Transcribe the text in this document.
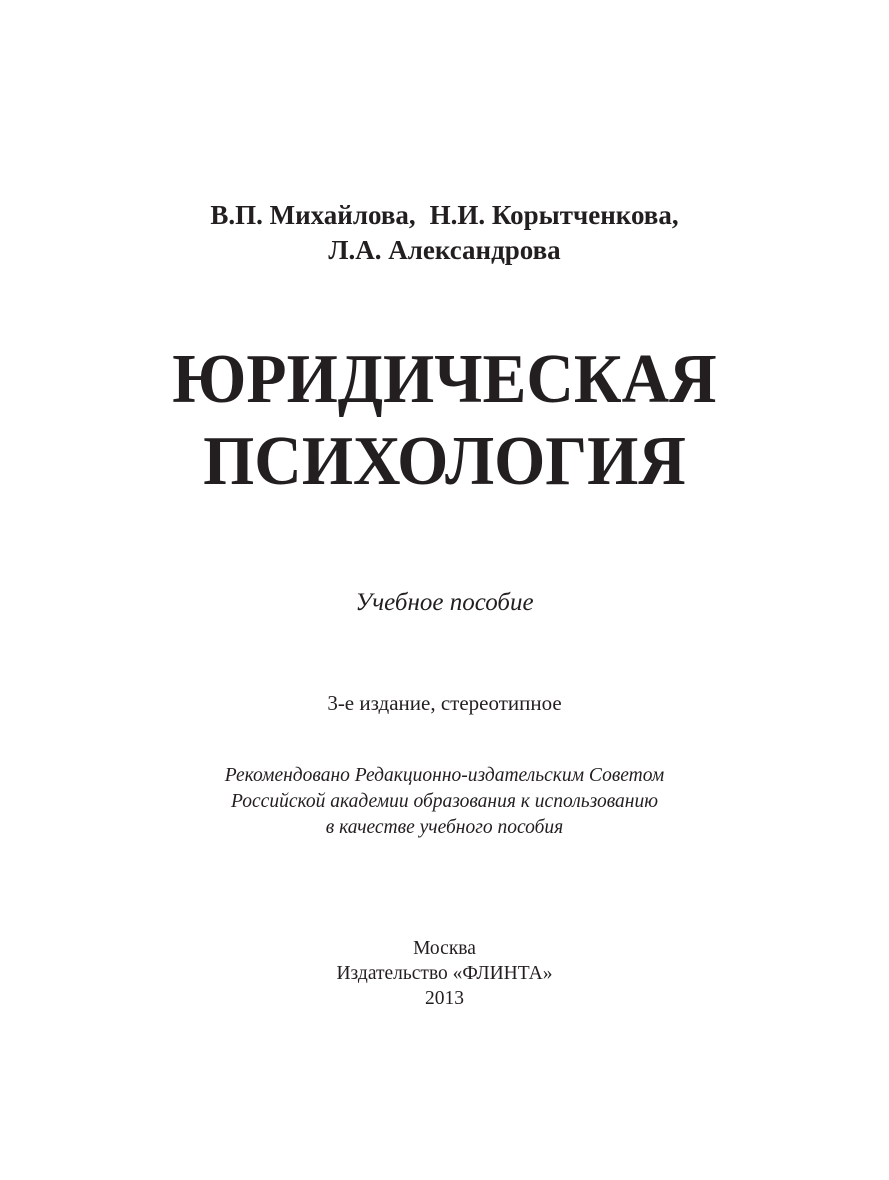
В.П. Михайлова, Н.И. Корытченкова,
Л.А. Александрова
ЮРИДИЧЕСКАЯ
ПСИХОЛОГИЯ
Учебное пособие
3-е издание, стереотипное
Рекомендовано Редакционно-издательским Советом
Российской академии образования к использованию
в качестве учебного пособия
Москва
Издательство «ФЛИНТА»
2013
